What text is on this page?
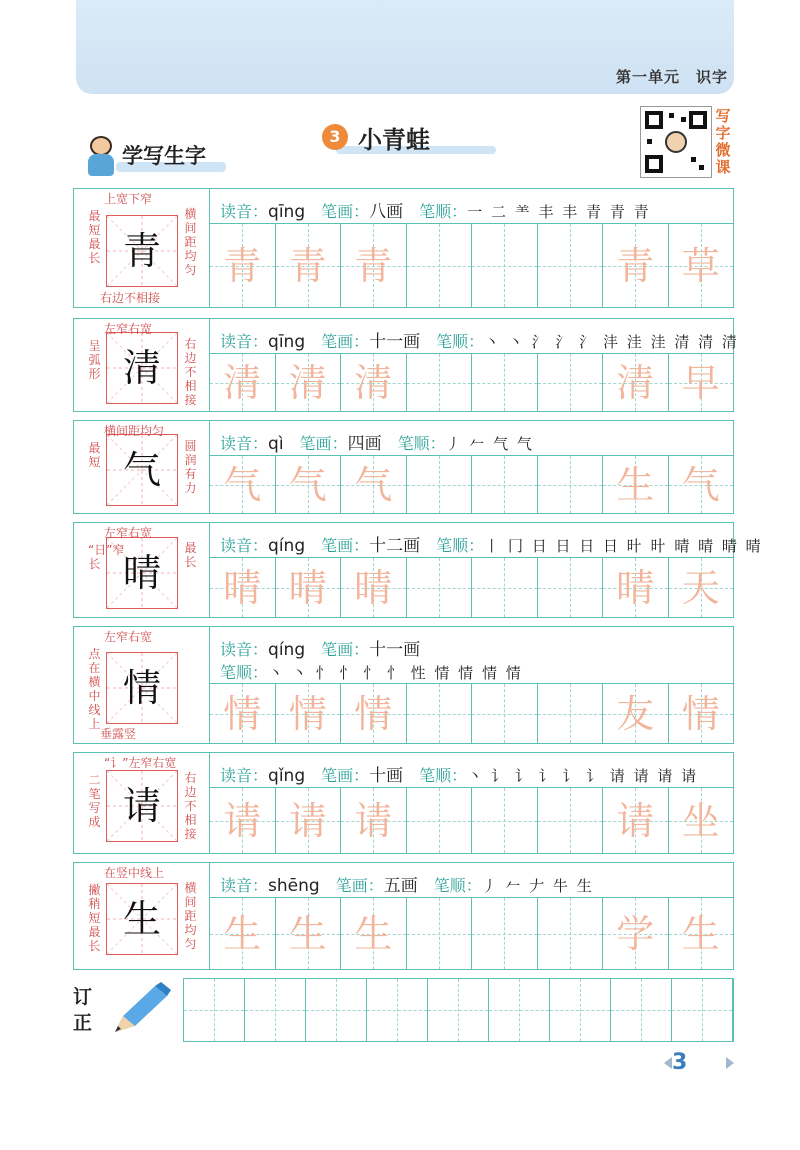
第一单元　识字
学写生字
3 小青蛙
写字微课
青
上宽下窄
最短最长
横间距均匀
右边不相接
读音：qīng 笔画：八画 笔顺：一 二 ⺷ 丰 丰 青 青 青
青 青 青	青 草
清
左窄右宽
呈弧形
右边不相接
读音：qīng 笔画：十一画 笔顺：丶 丶 氵 氵 氵 沣 洼 洼 清 清 清
清 清 清	清 早
气
横间距均匀
最短
圆润有力
读音：qì 笔画：四画 笔顺：丿 𠂉 气 气
气 气 气	生 气
晴
左窄右宽
“日”窄长
最长
读音：qíng 笔画：十二画 笔顺：丨 冂 日 日 日 日 旪 旪 晴 晴 晴 晴
晴 晴 晴	晴 天
情
左窄右宽
点在横中线上
垂露竖
读音：qíng 笔画：十一画
笔顺：丶 丶 忄 忄 忄 忄 性 情 情 情 情
情 情 情	友 情
请
“讠”左窄右宽
二笔写成
右边不相接
读音：qǐng 笔画：十画 笔顺：丶 讠 讠 讠 讠 讠 请 请 请 请
请 请 请	请 坐
生
在竖中线上
撇稍短最长
横间距均匀
读音：shēng 笔画：五画 笔顺：丿 𠂉 𠂇 牛 生
生 生 生	学 生
订正
3
